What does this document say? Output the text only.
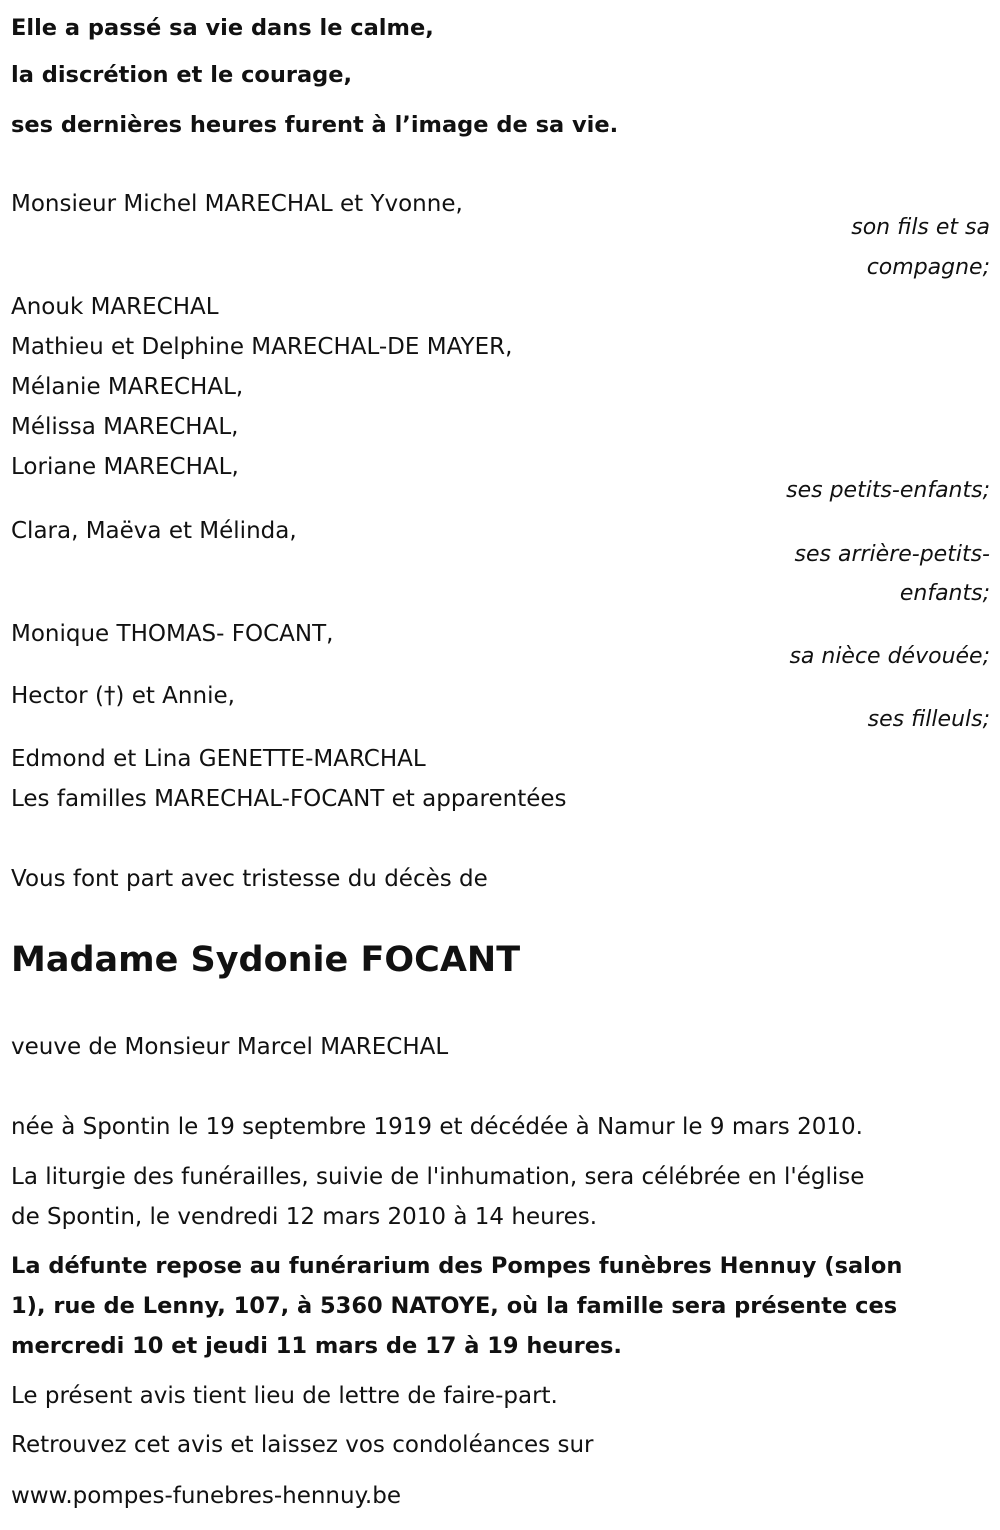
Elle a passé sa vie dans le calme,
la discrétion et le courage,
ses dernières heures furent à l’image de sa vie.
Monsieur Michel MARECHAL et Yvonne,
son fils et sa
compagne;
Anouk MARECHAL
Mathieu et Delphine MARECHAL-DE MAYER,
Mélanie MARECHAL,
Mélissa MARECHAL,
Loriane MARECHAL,
ses petits-enfants;
Clara, Maëva et Mélinda,
ses arrière-petits-
enfants;
Monique THOMAS- FOCANT,
sa nièce dévouée;
Hector (†) et Annie,
ses filleuls;
Edmond et Lina GENETTE-MARCHAL
Les familles MARECHAL-FOCANT et apparentées
Vous font part avec tristesse du décès de
Madame Sydonie FOCANT
veuve de Monsieur Marcel MARECHAL
née à Spontin le 19 septembre 1919 et décédée à Namur le 9 mars 2010.
La liturgie des funérailles, suivie de l'inhumation, sera célébrée en l'église
de Spontin, le vendredi 12 mars 2010 à 14 heures.
La défunte repose au funérarium des Pompes funèbres Hennuy (salon
1), rue de Lenny, 107, à 5360 NATOYE, où la famille sera présente ces
mercredi 10 et jeudi 11 mars de 17 à 19 heures.
Le présent avis tient lieu de lettre de faire-part.
Retrouvez cet avis et laissez vos condoléances sur
www.pompes-funebres-hennuy.be
